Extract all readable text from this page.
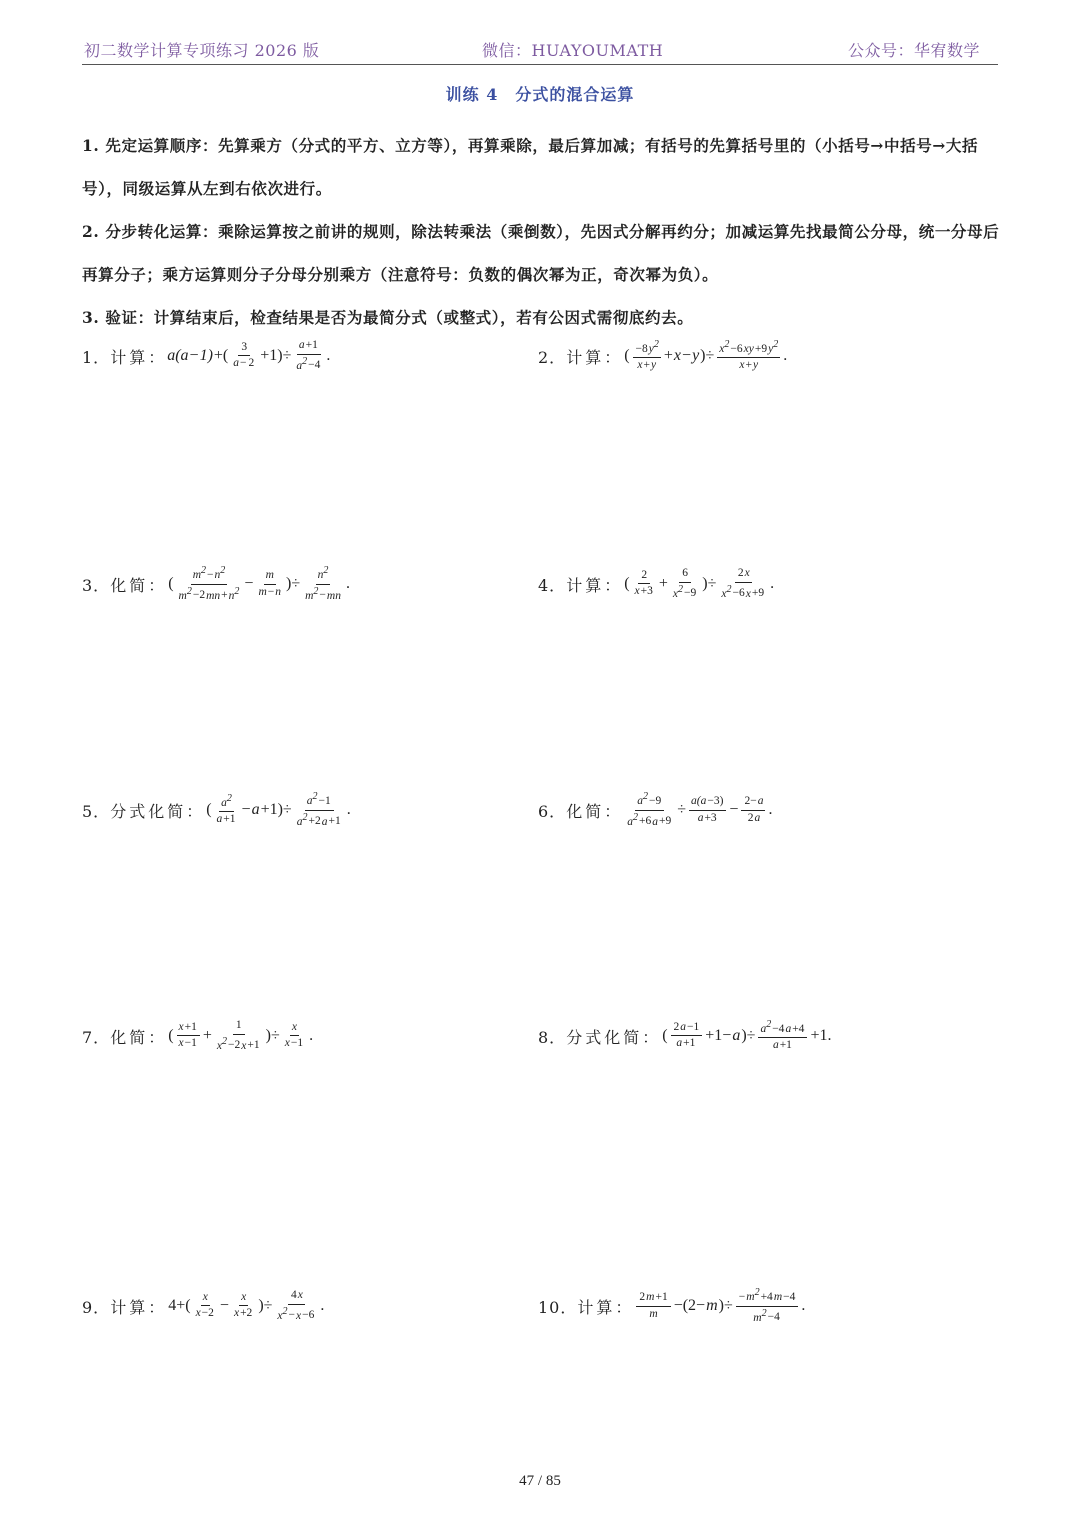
初二数学计算专项练习 2026 版	微信：HUAYOUMATH	公众号：华宥数学
训练 4　分式的混合运算

1. 先定运算顺序：先算乘方（分式的平方、立方等），再算乘除，最后算加减；有括号的先算括号里的（小括号→中括号→大括号），同级运算从左到右依次进行。

2. 分步转化运算：乘除运算按之前讲的规则，除法转乘法（乘倒数），先因式分解再约分；加减运算先找最简公分母，统一分母后再算分子；乘方运算则分子分母分别乘方（注意符号：负数的偶次幂为正，奇次幂为负）。

3. 验证：计算结束后，检查结果是否为最简分式（或整式），若有公因式需彻底约去。

1． 计算： a(a − 1) +( $\frac{3}{a- 2} +1)\div \frac{a+1}{a^2-4}$ .	2． 计算： ( $\frac{-8y^2}{x+y} + x - y$ )÷ $\frac{x^2-6xy+9y^2}{x+y}$ .
3． 化简： ( $\frac{m^2-n^2}{m^2-2mn+n^2} - \frac{m}{m-n}$ )÷ $\frac{n^2}{m^2-mn}$ .	4． 计算： ( $\frac{2}{x+3} + \frac{6}{x^2-9}$ )÷ $\frac{2x}{x^2-6x+9}$ .
5． 分式化简： ( $\frac{a^2}{a+1} - a +1)\div \frac{a^2-1}{a^2+2a+1}$ .	6． 化简： $\frac{a^2-9}{a^2+6a+9} \div \frac{a(a-3)}{a+3} - \frac{2-a}{2a}$ .
7． 化简： ( $\frac{x+1}{x-1} + \frac{1}{x^2-2x+1}$ )÷ $\frac{x}{x-1}$ .	8． 分式化简： ( $\frac{2a-1}{a+1} +1- a$ )÷ $\frac{a^2-4a+4}{a+1} +1$.
9． 计算： $4+( \frac{x}{x-2} - \frac{x}{x+2}$ )÷ $\frac{4x}{x^2-x-6}$ .	10． 计算： $\frac{2m+1}{m} -(2- m$ )÷ $\frac{-m^2+4m-4}{m^2-4}$ .
47 / 85
